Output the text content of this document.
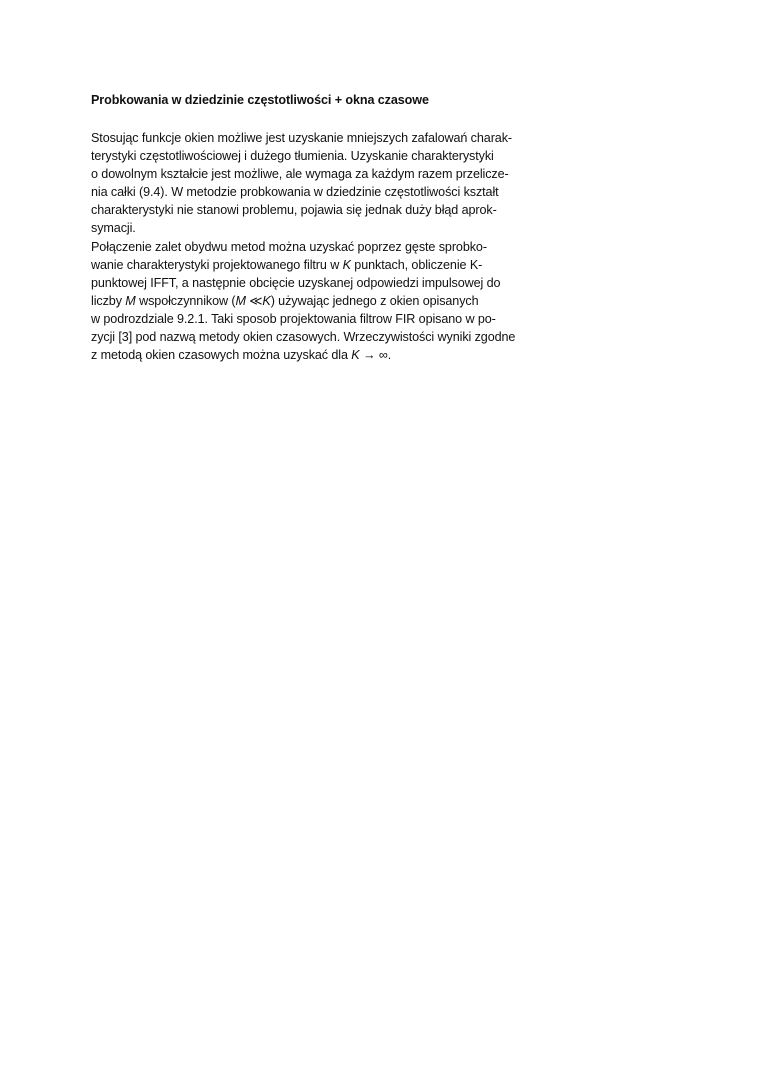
Probkowania w dziedzinie częstotliwości + okna czasowe

Stosując funkcje okien możliwe jest uzyskanie mniejszych zafalowań charak-
terystyki częstotliwościowej i dużego tłumienia. Uzyskanie charakterystyki
o dowolnym kształcie jest możliwe, ale wymaga za każdym razem przelicze-
nia całki (9.4). W metodzie probkowania w dziedzinie częstotliwości kształt
charakterystyki nie stanowi problemu, pojawia się jednak duży błąd aprok-
symacji.

Połączenie zalet obydwu metod można uzyskać poprzez gęste sprobko-
wanie charakterystyki projektowanego filtru w K punktach, obliczenie K-
punktowej IFFT, a następnie obcięcie uzyskanej odpowiedzi impulsowej do
liczby M wspołczynnikow (M ≪K) używając jednego z okien opisanych
w podrozdziale 9.2.1. Taki sposob projektowania filtrow FIR opisano w po-
zycji [3] pod nazwą metody okien czasowych. Wrzeczywistości wyniki zgodne
z metodą okien czasowych można uzyskać dla K → ∞.
